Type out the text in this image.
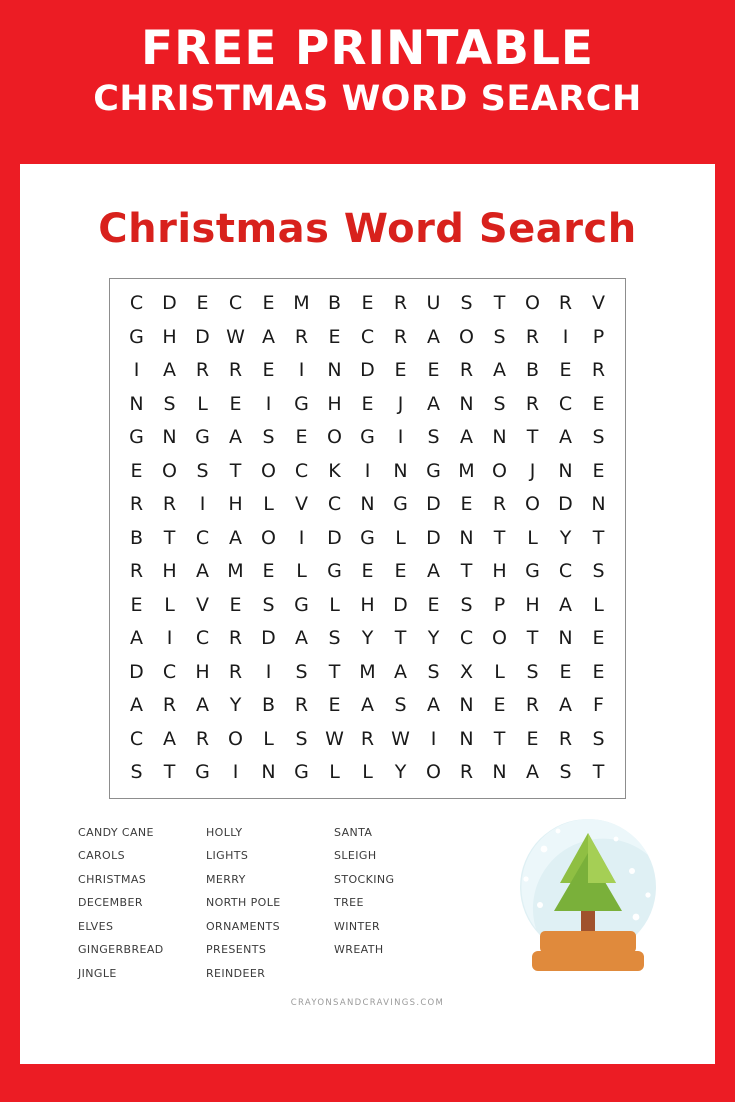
FREE PRINTABLE
CHRISTMAS WORD SEARCH
Christmas Word Search
C	D	E	C	E M B	E	R	U	S	T	O R	V
G H D W A	R	E	C	R	A	O	S	R	I	P
I	A	R	R	E	I	N D	E	E	R	A	B	E	R
N	S	L	E	I	G H	E	J	A	N	S	R	C	E
G N G	A	S	E	O G	I	S	A	N	T	A	S
E	O	S	T	O C	K	I	N G M O	J	N	E
R	R	I	H	L	V	C	N G D	E	R O D N
B	T	C	A	O	I	D G	L	D N	T	L	Y	T
R	H	A M E	L	G	E	E	A	T	H G	C	S
E	L	V	E	S	G	L	H D	E	S	P	H	A	L
A	I	C	R	D	A	S	Y	T	Y	C O	T	N	E
D	C	H	R	I	S	T	M A	S	X	L	S	E	E
A	R	A	Y	B	R	E	A	S	A	N	E	R	A	F
C	A	R O	L	S W R W	I	N	T	E	R	S
S	T	G	I	N G	L	L	Y	O R	N	A	S	T
CANDY CANE
CAROLS
CHRISTMAS
DECEMBER
ELVES
GINGERBREAD
JINGLE
HOLLY
LIGHTS
MERRY
NORTH POLE
ORNAMENTS
PRESENTS
REINDEER
SANTA
SLEIGH
STOCKING
TREE
WINTER
WREATH
CRAYONSANDCRAVINGS.COM
